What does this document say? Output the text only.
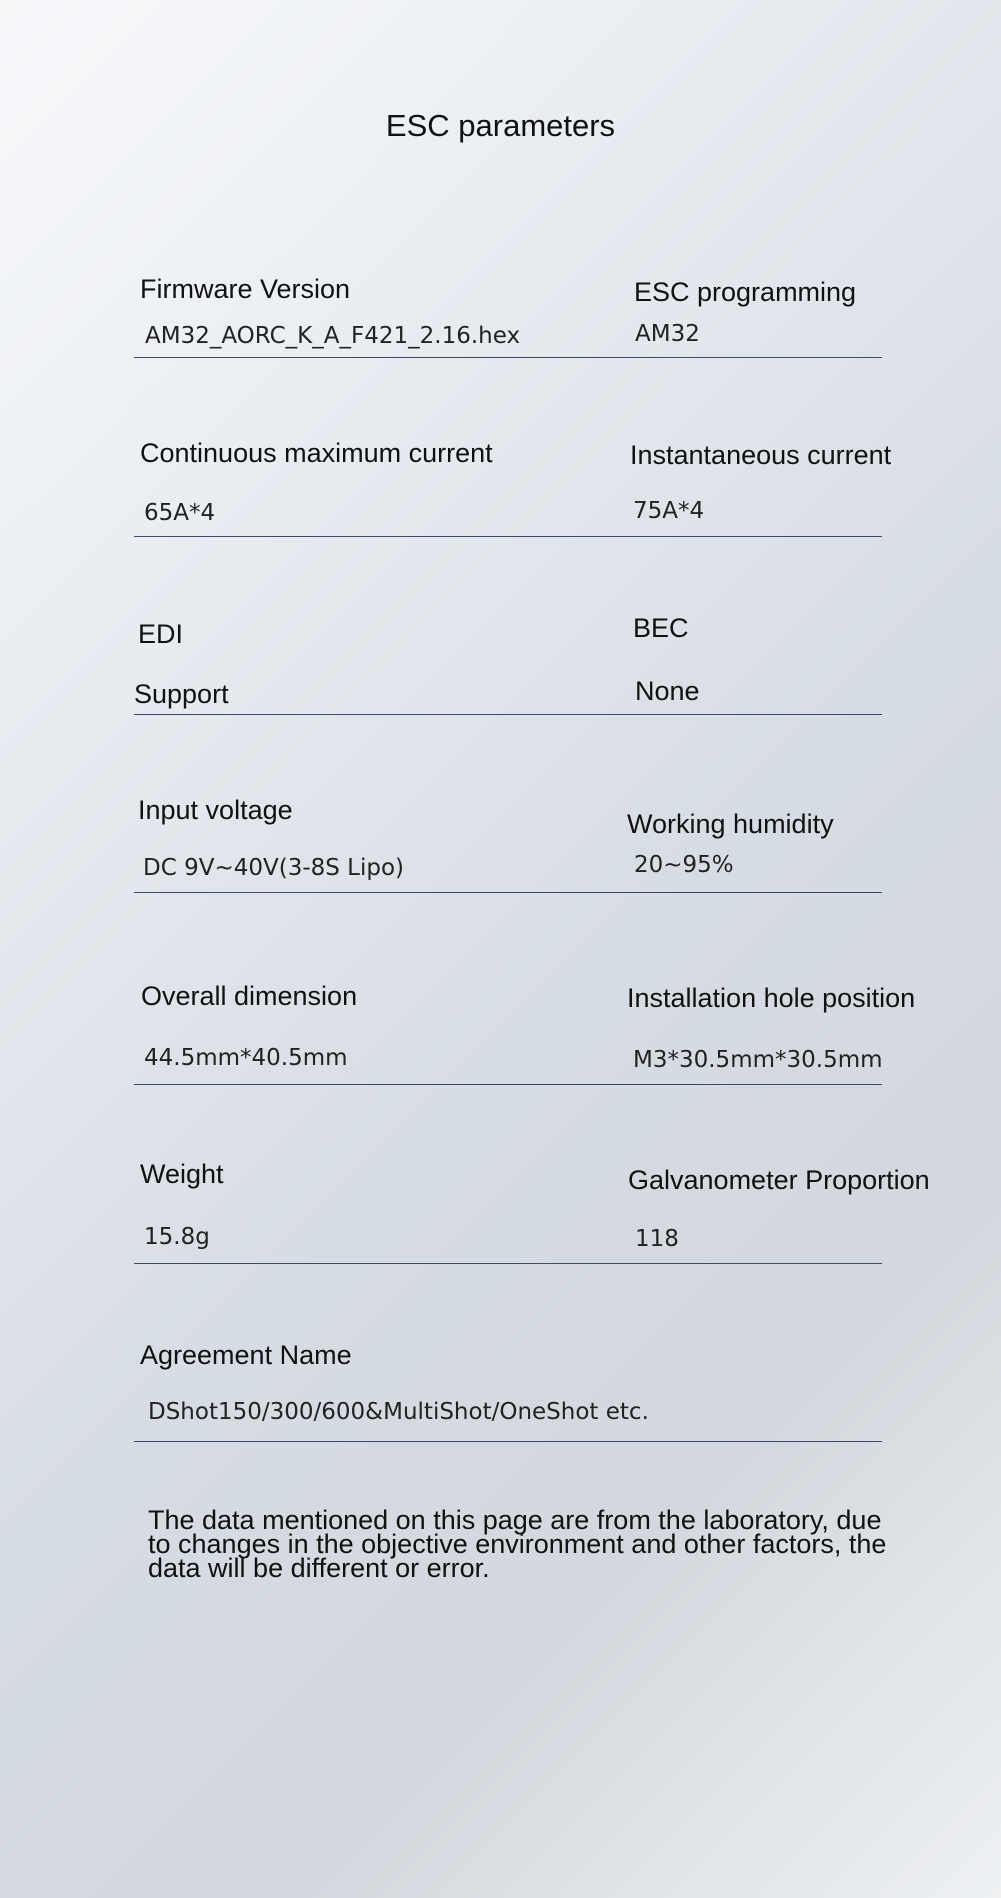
ESC parameters
Firmware Version
AM32_AORC_K_A_F421_2.16.hex
ESC programming
AM32
Continuous maximum current
65A*4
Instantaneous current
75A*4
EDI
Support
BEC
None
Input voltage
DC 9V~40V(3-8S Lipo)
Working humidity
20~95%
Overall dimension
44.5mm*40.5mm
Installation hole position
M3*30.5mm*30.5mm
Weight
15.8g
Galvanometer Proportion
118
Agreement Name
DShot150/300/600&MultiShot/OneShot etc.
The data mentioned on this page are from the laboratory, due to changes in the objective environment and other factors, the data will be different or error.
